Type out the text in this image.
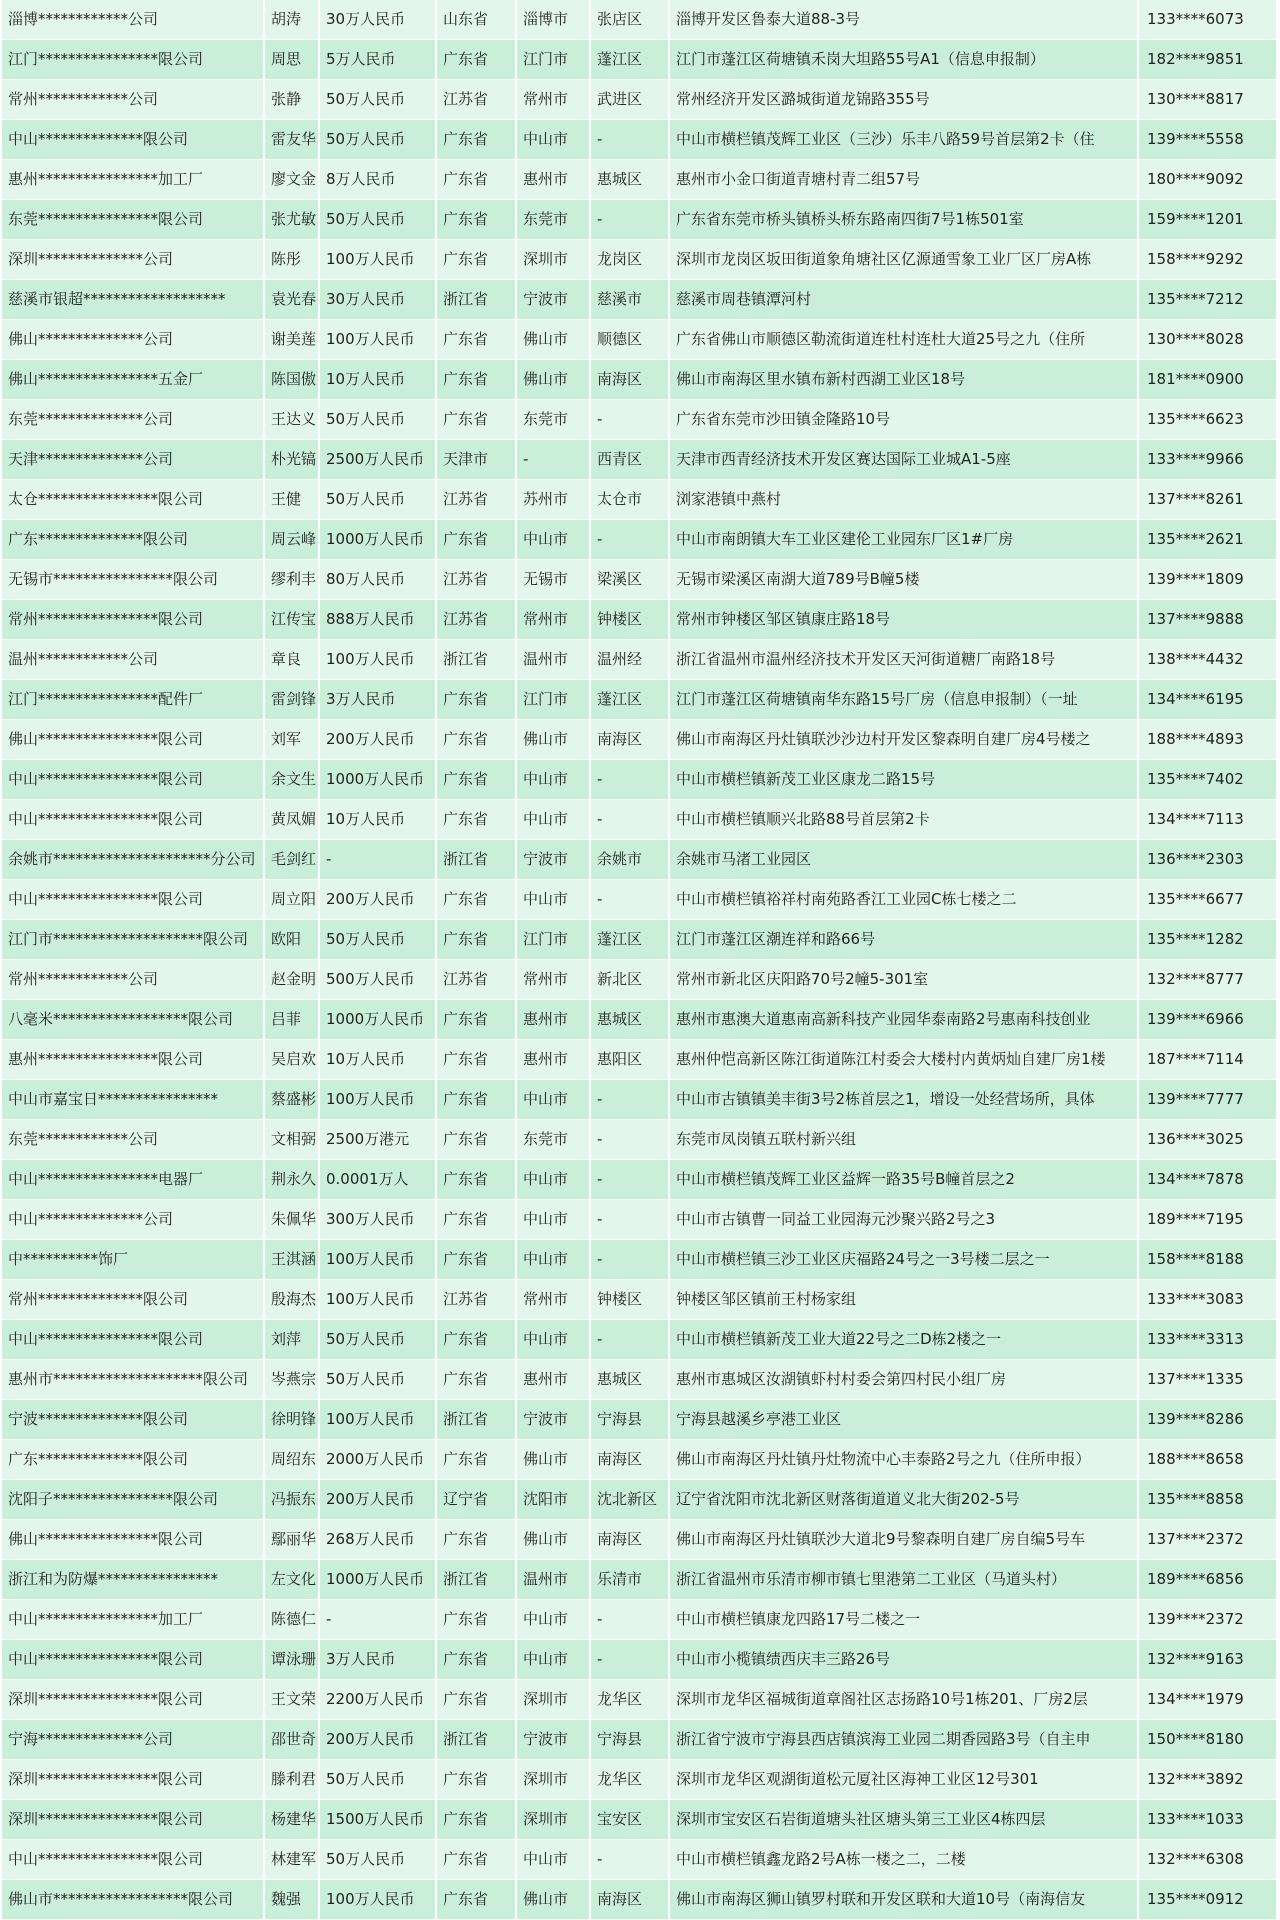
淄博************公司	胡涛	30万人民币	山东省	淄博市	张店区	淄博开发区鲁泰大道88-3号	133****6073
江门****************限公司	周思	5万人民币	广东省	江门市	蓬江区	江门市蓬江区荷塘镇禾岗大坦路55号A1（信息申报制）	182****9851
常州************公司	张静	50万人民币	江苏省	常州市	武进区	常州经济开发区潞城街道龙锦路355号	130****8817
中山**************限公司	雷友华	50万人民币	广东省	中山市	-	中山市横栏镇茂辉工业区（三沙）乐丰八路59号首层第2卡（住	139****5558
惠州****************加工厂	廖文金	8万人民币	广东省	惠州市	惠城区	惠州市小金口街道青塘村青二组57号	180****9092
东莞****************限公司	张尤敏	50万人民币	广东省	东莞市	-	广东省东莞市桥头镇桥头桥东路南四街7号1栋501室	159****1201
深圳**************公司	陈彤	100万人民币	广东省	深圳市	龙岗区	深圳市龙岗区坂田街道象角塘社区亿源通雪象工业厂区厂房A栋	158****9292
慈溪市银超*******************	袁光春	30万人民币	浙江省	宁波市	慈溪市	慈溪市周巷镇潭河村	135****7212
佛山**************公司	谢美莲	100万人民币	广东省	佛山市	顺德区	广东省佛山市顺德区勒流街道连杜村连杜大道25号之九（住所	130****8028
佛山****************五金厂	陈国傲	10万人民币	广东省	佛山市	南海区	佛山市南海区里水镇布新村西湖工业区18号	181****0900
东莞**************公司	王达义	50万人民币	广东省	东莞市	-	广东省东莞市沙田镇金隆路10号	135****6623
天津**************公司	朴光镐	2500万人民币	天津市	-	西青区	天津市西青经济技术开发区赛达国际工业城A1-5座	133****9966
太仓****************限公司	王健	50万人民币	江苏省	苏州市	太仓市	浏家港镇中燕村	137****8261
广东**************限公司	周云峰	1000万人民币	广东省	中山市	-	中山市南朗镇大车工业区建伦工业园东厂区1#厂房	135****2621
无锡市****************限公司	缪利丰	80万人民币	江苏省	无锡市	梁溪区	无锡市梁溪区南湖大道789号B幢5楼	139****1809
常州****************限公司	江传宝	888万人民币	江苏省	常州市	钟楼区	常州市钟楼区邹区镇康庄路18号	137****9888
温州************公司	章良	100万人民币	浙江省	温州市	温州经	浙江省温州市温州经济技术开发区天河街道糖厂南路18号	138****4432
江门****************配件厂	雷剑锋	3万人民币	广东省	江门市	蓬江区	江门市蓬江区荷塘镇南华东路15号厂房（信息申报制）（一址	134****6195
佛山****************限公司	刘军	200万人民币	广东省	佛山市	南海区	佛山市南海区丹灶镇联沙沙边村开发区黎森明自建厂房4号楼之	188****4893
中山****************限公司	余文生	1000万人民币	广东省	中山市	-	中山市横栏镇新茂工业区康龙二路15号	135****7402
中山****************限公司	黄凤媚	10万人民币	广东省	中山市	-	中山市横栏镇顺兴北路88号首层第2卡	134****7113
余姚市*********************分公司	毛剑红	-	浙江省	宁波市	余姚市	余姚市马渚工业园区	136****2303
中山****************限公司	周立阳	200万人民币	广东省	中山市	-	中山市横栏镇裕祥村南苑路香江工业园C栋七楼之二	135****6677
江门市********************限公司	欧阳	50万人民币	广东省	江门市	蓬江区	江门市蓬江区潮连祥和路66号	135****1282
常州************公司	赵金明	500万人民币	江苏省	常州市	新北区	常州市新北区庆阳路70号2幢5-301室	132****8777
八毫米******************限公司	吕菲	1000万人民币	广东省	惠州市	惠城区	惠州市惠澳大道惠南高新科技产业园华泰南路2号惠南科技创业	139****6966
惠州****************限公司	吴启欢	10万人民币	广东省	惠州市	惠阳区	惠州仲恺高新区陈江街道陈江村委会大楼村内黄炳灿自建厂房1楼	187****7114
中山市嘉宝日****************	蔡盛彬	100万人民币	广东省	中山市	-	中山市古镇镇美丰街3号2栋首层之1，增设一处经营场所，具体	139****7777
东莞************公司	文相弼	2500万港元	广东省	东莞市	-	东莞市凤岗镇五联村新兴组	136****3025
中山****************电器厂	荆永久	0.0001万人	广东省	中山市	-	中山市横栏镇茂辉工业区益辉一路35号B幢首层之2	134****7878
中山**************公司	朱佩华	300万人民币	广东省	中山市	-	中山市古镇曹一同益工业园海元沙聚兴路2号之3	189****7195
中**********饰厂	王淇涵	100万人民币	广东省	中山市	-	中山市横栏镇三沙工业区庆福路24号之一3号楼二层之一	158****8188
常州**************限公司	殷海杰	100万人民币	江苏省	常州市	钟楼区	钟楼区邹区镇前王村杨家组	133****3083
中山****************限公司	刘萍	50万人民币	广东省	中山市	-	中山市横栏镇新茂工业大道22号之二D栋2楼之一	133****3313
惠州市********************限公司	岑燕宗	50万人民币	广东省	惠州市	惠城区	惠州市惠城区汝湖镇虾村村委会第四村民小组厂房	137****1335
宁波**************限公司	徐明锋	100万人民币	浙江省	宁波市	宁海县	宁海县越溪乡亭港工业区	139****8286
广东**************限公司	周绍东	2000万人民币	广东省	佛山市	南海区	佛山市南海区丹灶镇丹灶物流中心丰泰路2号之九（住所申报）	188****8658
沈阳子****************限公司	冯振东	200万人民币	辽宁省	沈阳市	沈北新区	辽宁省沈阳市沈北新区财落街道道义北大街202-5号	135****8858
佛山****************限公司	鄢丽华	268万人民币	广东省	佛山市	南海区	佛山市南海区丹灶镇联沙大道北9号黎森明自建厂房自编5号车	137****2372
浙江和为防爆****************	左文化	1000万人民币	浙江省	温州市	乐清市	浙江省温州市乐清市柳市镇七里港第二工业区（马道头村）	189****6856
中山****************加工厂	陈德仁	-	广东省	中山市	-	中山市横栏镇康龙四路17号二楼之一	139****2372
中山****************限公司	谭泳珊	3万人民币	广东省	中山市	-	中山市小榄镇绩西庆丰三路26号	132****9163
深圳****************限公司	王文荣	2200万人民币	广东省	深圳市	龙华区	深圳市龙华区福城街道章阁社区志扬路10号1栋201、厂房2层	134****1979
宁海**************公司	邵世奇	200万人民币	浙江省	宁波市	宁海县	浙江省宁波市宁海县西店镇滨海工业园二期香园路3号（自主申	150****8180
深圳****************限公司	滕利君	50万人民币	广东省	深圳市	龙华区	深圳市龙华区观湖街道松元厦社区海神工业区12号301	132****3892
深圳****************限公司	杨建华	1500万人民币	广东省	深圳市	宝安区	深圳市宝安区石岩街道塘头社区塘头第三工业区4栋四层	133****1033
中山****************限公司	林建军	50万人民币	广东省	中山市	-	中山市横栏镇鑫龙路2号A栋一楼之二，二楼	132****6308
佛山市******************限公司	魏强	100万人民币	广东省	佛山市	南海区	佛山市南海区狮山镇罗村联和开发区联和大道10号（南海信友	135****0912
